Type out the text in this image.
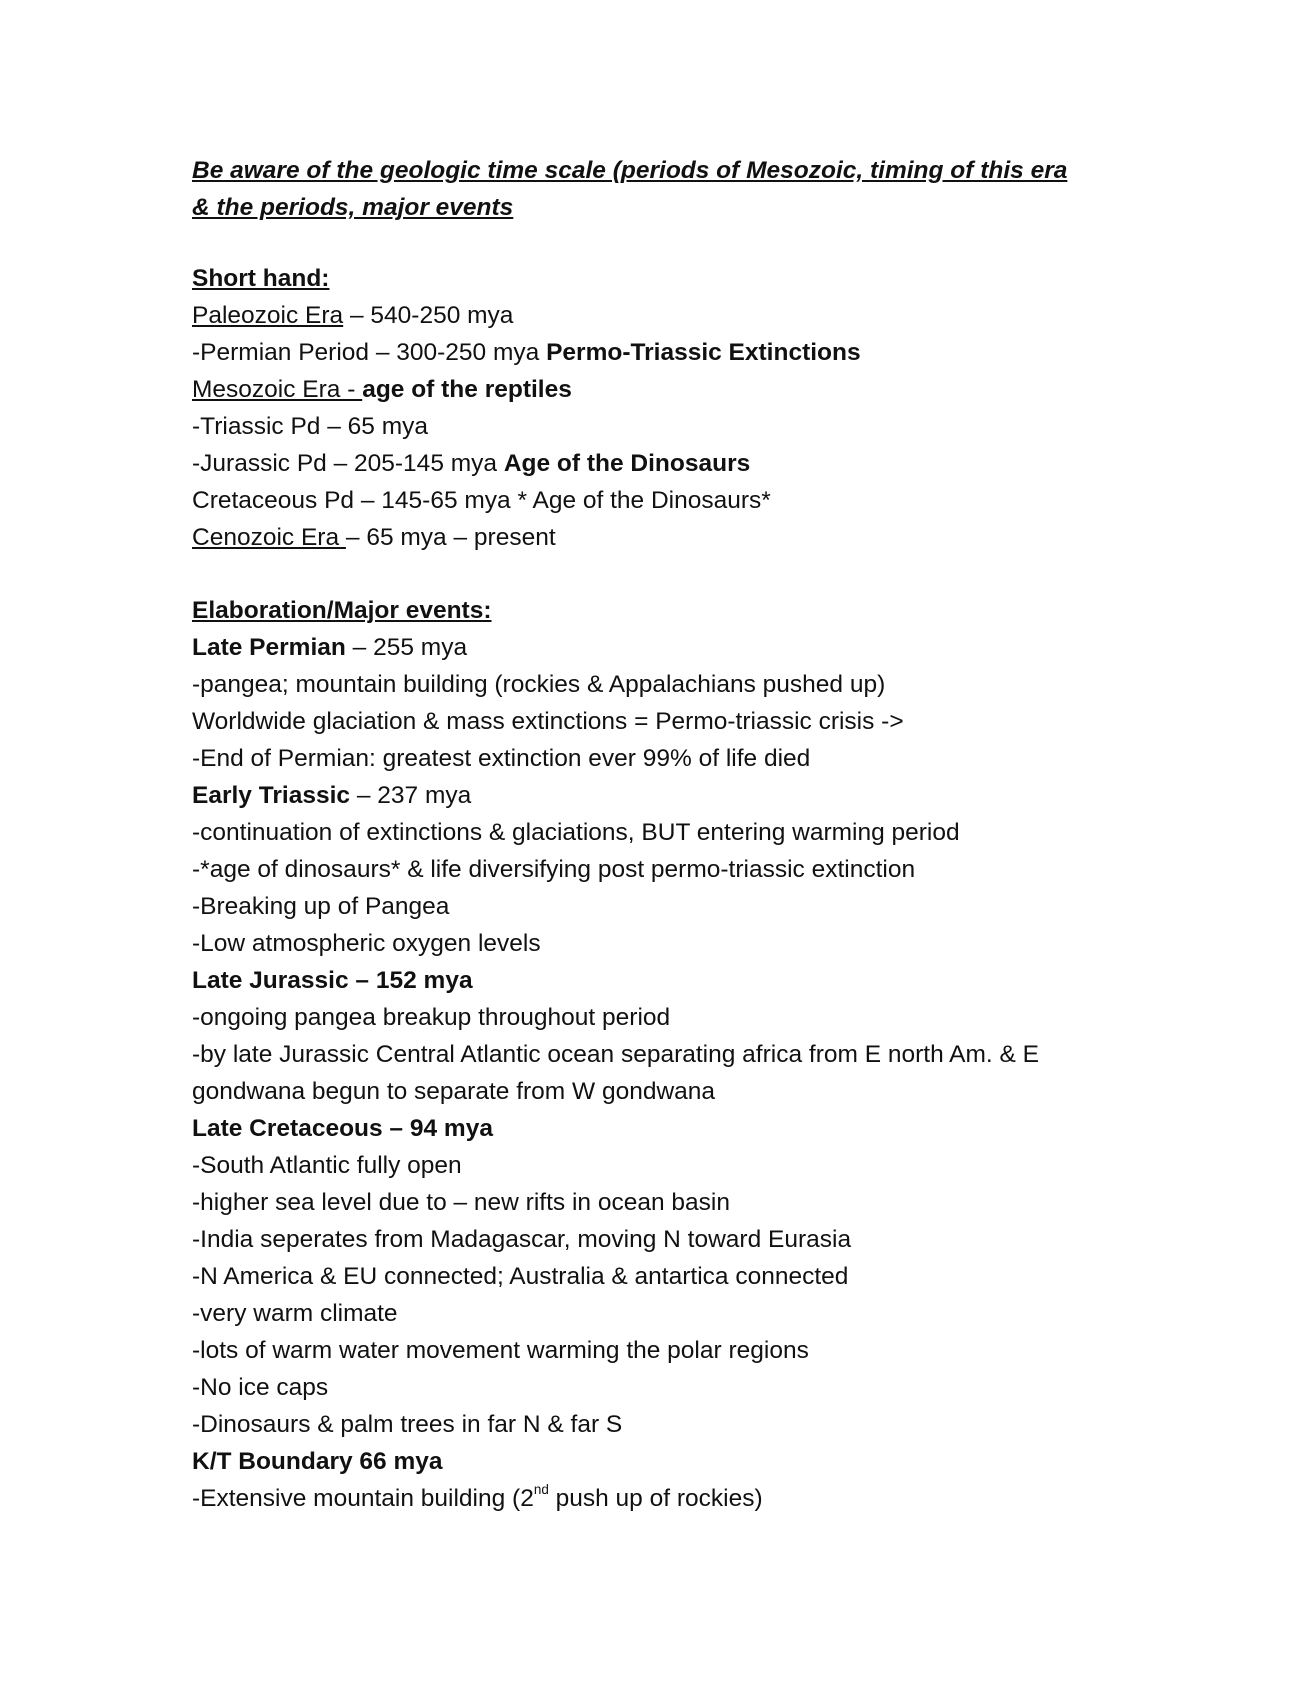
Be aware of the geologic time scale (periods of Mesozoic, timing of this era
& the periods, major events

Short hand:

Paleozoic Era – 540-250 mya

-Permian Period – 300-250 mya Permo-Triassic Extinctions

Mesozoic Era - age of the reptiles

-Triassic Pd – 65 mya

-Jurassic Pd – 205-145 mya Age of the Dinosaurs

Cretaceous Pd – 145-65 mya * Age of the Dinosaurs*

Cenozoic Era – 65 mya – present

Elaboration/Major events:

Late Permian – 255 mya

-pangea; mountain building (rockies & Appalachians pushed up)

Worldwide glaciation & mass extinctions = Permo-triassic crisis ->

-End of Permian: greatest extinction ever 99% of life died

Early Triassic – 237 mya

-continuation of extinctions & glaciations, BUT entering warming period

-*age of dinosaurs* & life diversifying post permo-triassic extinction

-Breaking up of Pangea

-Low atmospheric oxygen levels

Late Jurassic – 152 mya

-ongoing pangea breakup throughout period

-by late Jurassic Central Atlantic ocean separating africa from E north Am. & E gondwana begun to separate from W gondwana

Late Cretaceous – 94 mya

-South Atlantic fully open

-higher sea level due to – new rifts in ocean basin

-India seperates from Madagascar, moving N toward Eurasia

-N America & EU connected; Australia & antartica connected

-very warm climate

-lots of warm water movement warming the polar regions

-No ice caps

-Dinosaurs & palm trees in far N & far S

K/T Boundary 66 mya

-Extensive mountain building (2nd push up of rockies)
